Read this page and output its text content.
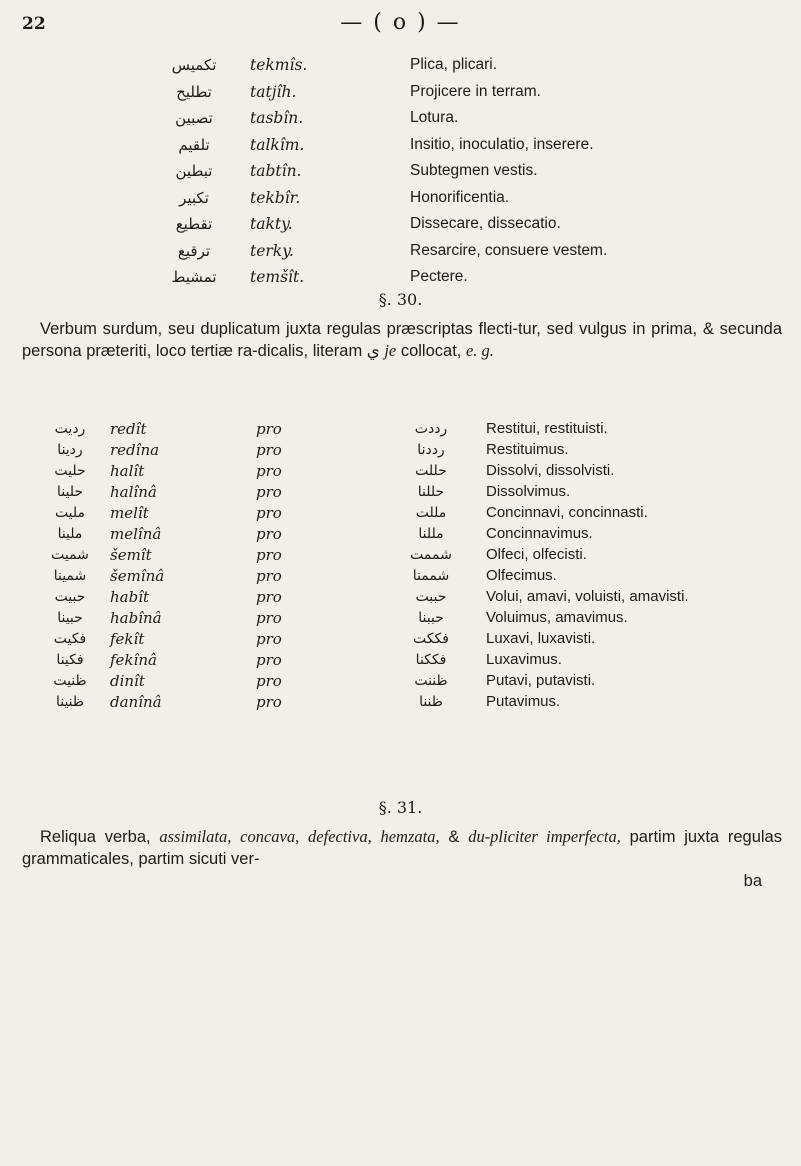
22	— ( o ) —
تكميس	tekmîs.	Plica, plicari.
تطليح	tatjîh.	Projicere in terram.
تصبين	tasbîn.	Lotura.
تلقيم	talkîm.	Insitio, inoculatio, inserere.
تبطين	tabtîn.	Subtegmen vestis.
تكبير	tekbîr.	Honorificentia.
تقطيع	takty.	Dissecare, dissecatio.
ترقيع	terky.	Resarcire, consuere vestem.
تمشيط	temšît.	Pectere.
§. 30.
Verbum surdum, seu duplicatum juxta regulas præscriptas flecti-tur, sed vulgus in prima, & secunda persona præteriti, loco tertiæ ra-dicalis, literam ي je collocat, e. g.
رديت	redît	pro	رددت	Restitui, restituisti.
ردينا	redîna	pro	رددنا	Restituimus.
حليت	halît	pro	حللت	Dissolvi, dissolvisti.
حلينا	halînâ	pro	حللنا	Dissolvimus.
مليت	melît	pro	مللت	Concinnavi, concinnasti.
ملينا	melînâ	pro	مللنا	Concinnavimus.
شميت	šemît	pro	شممت	Olfeci, olfecisti.
شمينا	šemînâ	pro	شممنا	Olfecimus.
حبيت	habît	pro	حببت	Volui, amavi, voluisti, amavisti.
حبينا	habînâ	pro	حببنا	Voluimus, amavimus.
فكيت	fekît	pro	فككت	Luxavi, luxavisti.
فكينا	fekînâ	pro	فككنا	Luxavimus.
ظنيت	dinît	pro	ظننت	Putavi, putavisti.
ظنينا	danînâ	pro	ظننا	Putavimus.
§. 31.
Reliqua verba, assimilata, concava, defectiva, hemzata, & du-pliciter imperfecta, partim juxta regulas grammaticales, partim sicuti ver-
ba
